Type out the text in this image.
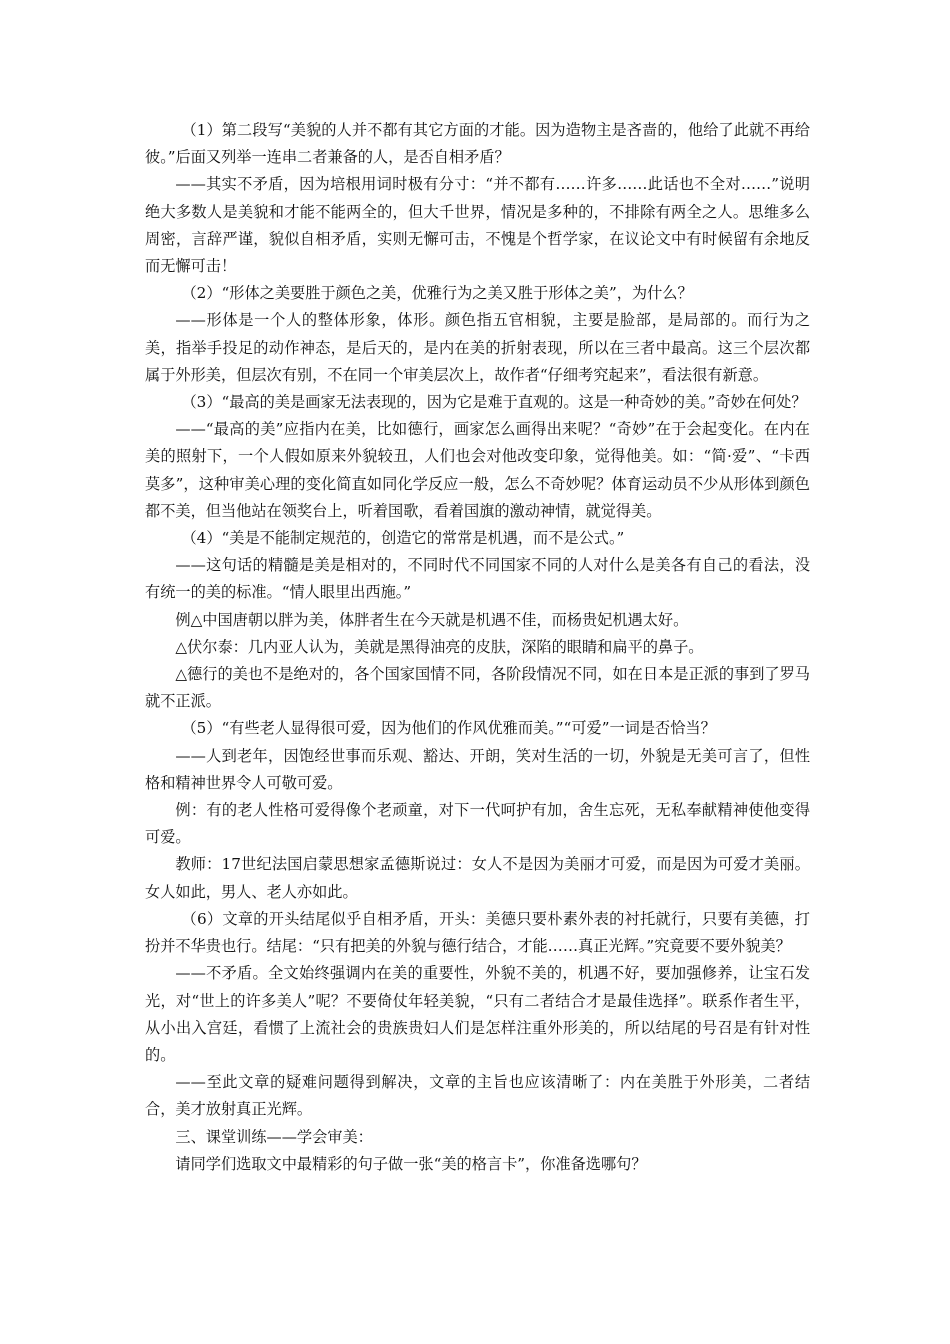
（1）第二段写“美貌的人并不都有其它方面的才能。因为造物主是吝啬的，他给了此就不再给彼。”后面又列举一连串二者兼备的人，是否自相矛盾？

——其实不矛盾，因为培根用词时极有分寸：“并不都有……许多……此话也不全对……”说明绝大多数人是美貌和才能不能两全的，但大千世界，情况是多种的，不排除有两全之人。思维多么周密，言辞严谨，貌似自相矛盾，实则无懈可击，不愧是个哲学家，在议论文中有时候留有余地反而无懈可击！

（2）“形体之美要胜于颜色之美，优雅行为之美又胜于形体之美”，为什么？

——形体是一个人的整体形象，体形。颜色指五官相貌，主要是脸部，是局部的。而行为之美，指举手投足的动作神态，是后天的，是内在美的折射表现，所以在三者中最高。这三个层次都属于外形美，但层次有别，不在同一个审美层次上，故作者“仔细考究起来”，看法很有新意。

（3）“最高的美是画家无法表现的，因为它是难于直观的。这是一种奇妙的美。”奇妙在何处？

——“最高的美”应指内在美，比如德行，画家怎么画得出来呢？“奇妙”在于会起变化。在内在美的照射下，一个人假如原来外貌较丑，人们也会对他改变印象，觉得他美。如：“简·爱”、“卡西莫多”，这种审美心理的变化简直如同化学反应一般，怎么不奇妙呢？体育运动员不少从形体到颜色都不美，但当他站在领奖台上，听着国歌，看着国旗的激动神情，就觉得美。

（4）“美是不能制定规范的，创造它的常常是机遇，而不是公式。”

——这句话的精髓是美是相对的，不同时代不同国家不同的人对什么是美各有自己的看法，没有统一的美的标准。“情人眼里出西施。”

例△中国唐朝以胖为美，体胖者生在今天就是机遇不佳，而杨贵妃机遇太好。

△伏尔泰：几内亚人认为，美就是黑得油亮的皮肤，深陷的眼睛和扁平的鼻子。

△德行的美也不是绝对的，各个国家国情不同，各阶段情况不同，如在日本是正派的事到了罗马就不正派。

（5）“有些老人显得很可爱，因为他们的作风优雅而美。”“可爱”一词是否恰当？

——人到老年，因饱经世事而乐观、豁达、开朗，笑对生活的一切，外貌是无美可言了，但性格和精神世界令人可敬可爱。

例：有的老人性格可爱得像个老顽童，对下一代呵护有加，舍生忘死，无私奉献精神使他变得可爱。

教师：17世纪法国启蒙思想家孟德斯说过：女人不是因为美丽才可爱，而是因为可爱才美丽。女人如此，男人、老人亦如此。

（6）文章的开头结尾似乎自相矛盾，开头：美德只要朴素外表的衬托就行，只要有美德，打扮并不华贵也行。结尾：“只有把美的外貌与德行结合，才能……真正光辉。”究竟要不要外貌美？

——不矛盾。全文始终强调内在美的重要性，外貌不美的，机遇不好，要加强修养，让宝石发光，对“世上的许多美人”呢？不要倚仗年轻美貌，“只有二者结合才是最佳选择”。联系作者生平，从小出入宫廷，看惯了上流社会的贵族贵妇人们是怎样注重外形美的，所以结尾的号召是有针对性的。

——至此文章的疑难问题得到解决，文章的主旨也应该清晰了：内在美胜于外形美，二者结合，美才放射真正光辉。

三、课堂训练——学会审美：

请同学们选取文中最精彩的句子做一张“美的格言卡”，你准备选哪句？
